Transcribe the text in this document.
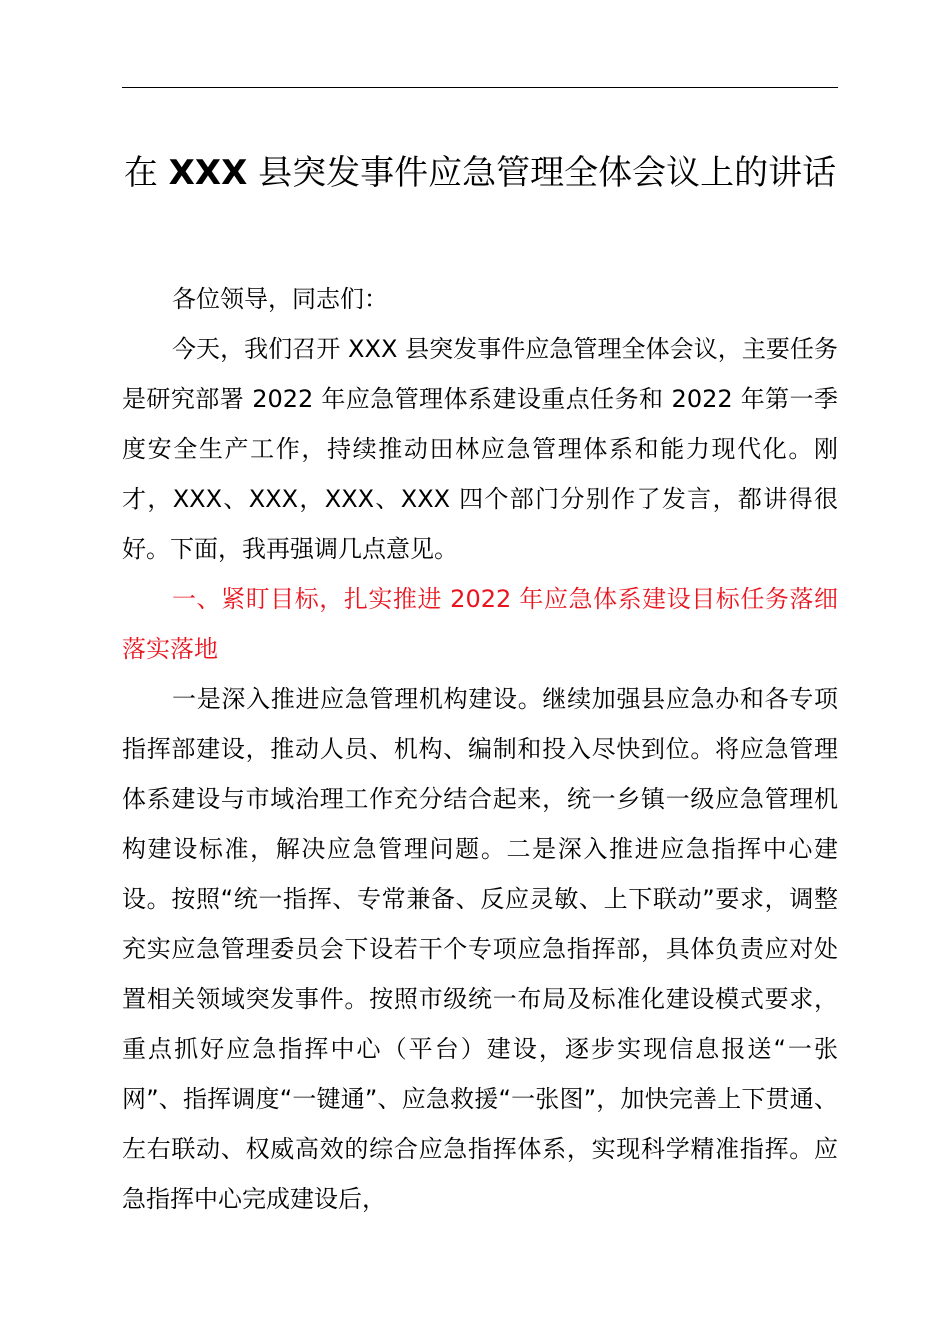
在 XXX 县突发事件应急管理全体会议上的讲话

各位领导，同志们：

今天，我们召开 XXX 县突发事件应急管理全体会议，主要任务是研究部署 2022 年应急管理体系建设重点任务和 2022 年第一季度安全生产工作，持续推动田林应急管理体系和能力现代化。刚才，XXX、XXX，XXX、XXX 四个部门分别作了发言，都讲得很好。下面，我再强调几点意见。

一、紧盯目标，扎实推进 2022 年应急体系建设目标任务落细落实落地

一是深入推进应急管理机构建设。继续加强县应急办和各专项指挥部建设，推动人员、机构、编制和投入尽快到位。将应急管理体系建设与市域治理工作充分结合起来，统一乡镇一级应急管理机构建设标准，解决应急管理问题。二是深入推进应急指挥中心建设。按照“统一指挥、专常兼备、反应灵敏、上下联动”要求，调整充实应急管理委员会下设若干个专项应急指挥部，具体负责应对处置相关领域突发事件。按照市级统一布局及标准化建设模式要求，重点抓好应急指挥中心（平台）建设，逐步实现信息报送“一张网”、指挥调度“一键通”、应急救援“一张图”，加快完善上下贯通、左右联动、权威高效的综合应急指挥体系，实现科学精准指挥。应急指挥中心完成建设后，
